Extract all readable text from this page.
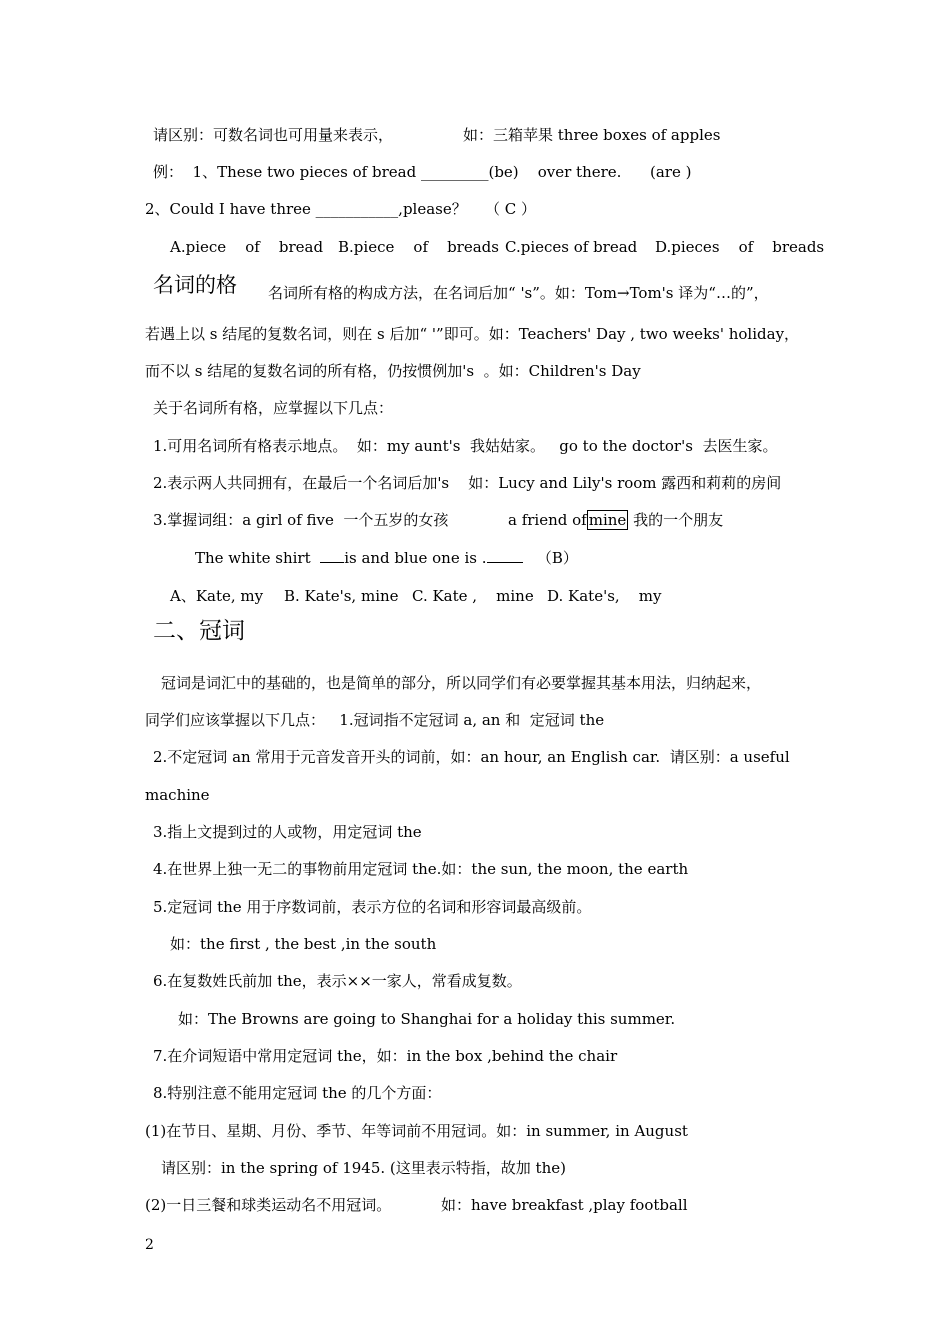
请区别：可数名词也可用量来表示，	如：三箱苹果 three boxes of apples
例：  1、These two pieces of bread _________(be)    over there. (are )
2、Could I have three ___________,please？ （ C ）
A.piece    of    bread B.piece    of    breads C.pieces of bread D.pieces    of    breads
名词的格 名词所有格的构成方法，在名词后加“ 's”。如：Tom→Tom's 译为“…的”，
若遇上以 s 结尾的复数名词，则在 s 后加“ '”即可。如：Teachers' Day , two weeks' holiday，
而不以 s 结尾的复数名词的所有格，仍按惯例加's  。如：Children's Day
关于名词所有格，应掌握以下几点：
1.可用名词所有格表示地点。  如：my aunt's  我姑姑家。   go to the doctor's  去医生家。
2.表示两人共同拥有，在最后一个名词后加's    如：Lucy and Lily's room 露西和莉莉的房间
3.掌握词组：a girl of five  一个五岁的女孩	a friend of mine 我的一个朋友
The white shirt is and blue one is .	（B）
A、Kate, my B. Kate's, mine C. Kate ,    mine D. Kate's,    my
二、冠词
冠词是词汇中的基础的，也是简单的部分，所以同学们有必要掌握其基本用法，归纳起来，
同学们应该掌握以下几点：   1.冠词指不定冠词 a, an 和  定冠词 the
2.不定冠词 an 常用于元音发音开头的词前，如：an hour, an English car.  请区别：a useful
machine
3.指上文提到过的人或物，用定冠词 the
4.在世界上独一无二的事物前用定冠词 the.如：the sun, the moon, the earth
5.定冠词 the 用于序数词前，表示方位的名词和形容词最高级前。
如：the first , the best ,in the south
6.在复数姓氏前加 the，表示××一家人，常看成复数。
如：The Browns are going to Shanghai for a holiday this summer.
7.在介词短语中常用定冠词 the，如：in the box ,behind the chair
8.特别注意不能用定冠词 the 的几个方面：
(1)在节日、星期、月份、季节、年等词前不用冠词。如：in summer, in August
请区别：in the spring of 1945. (这里表示特指，故加 the)
(2)一日三餐和球类运动名不用冠词。	如：have breakfast ,play football
2
